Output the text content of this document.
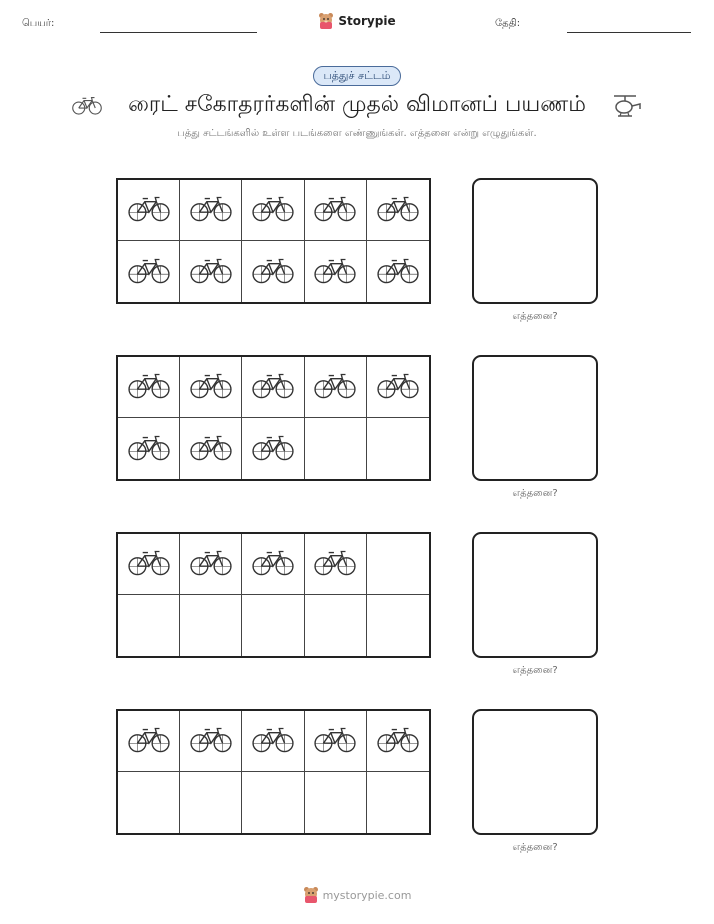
பெயர்:	Storypie	தேதி:
பத்துச் சட்டம்
ரைட் சகோதரர்களின் முதல் விமானப் பயணம்
பத்து சட்டங்களில் உள்ள படங்களை எண்ணுங்கள். எத்தனை என்று எழுதுங்கள்.
எத்தனை?
எத்தனை?
எத்தனை?
எத்தனை?
mystorypie.com
